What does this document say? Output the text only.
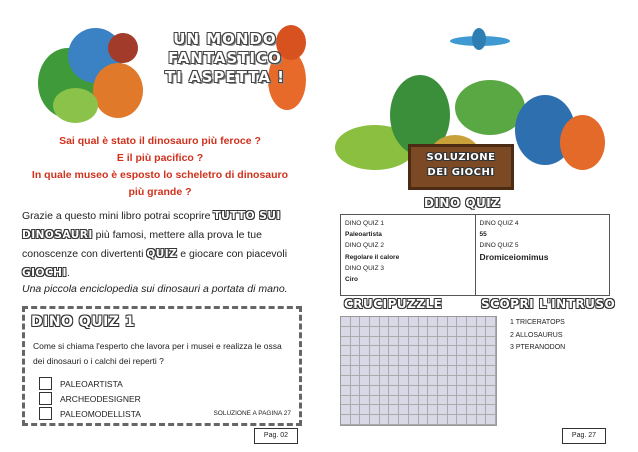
UN MONDO
FANTASTICO
TI ASPETTA !
Sai qual è stato il dinosauro più feroce ?
E il più pacifico ?
In quale museo è esposto lo scheletro di dinosauro
più grande ?
Grazie a questo mini libro potrai scoprire TUTTO SUI DINOSAURI più famosi, mettere alla prova le tue conoscenze con divertenti QUIZ e giocare con piacevoli GIOCHI.
Una piccola enciclopedia sui dinosauri a portata di mano.
DINO QUIZ 1
Come si chiama l'esperto che lavora per i musei e realizza le ossa dei dinosauri o i calchi dei reperti ?
PALEOARTISTA
ARCHEODESIGNER
PALEOMODELLISTA	SOLUZIONE A PAGINA 27
Pag. 02
SOLUZIONE
DEI GIOCHI
DINO QUIZ
DINO QUIZ 1
Paleoartista
DINO QUIZ 2
Regolare il calore
DINO QUIZ 3
Ciro
DINO QUIZ 4
55
DINO QUIZ 5
Dromiceiomimus
CRUCIPUZZLE	SCOPRI L'INTRUSO
1 TRICERATOPS
2 ALLOSAURUS
3 PTERANODON
Pag. 27
